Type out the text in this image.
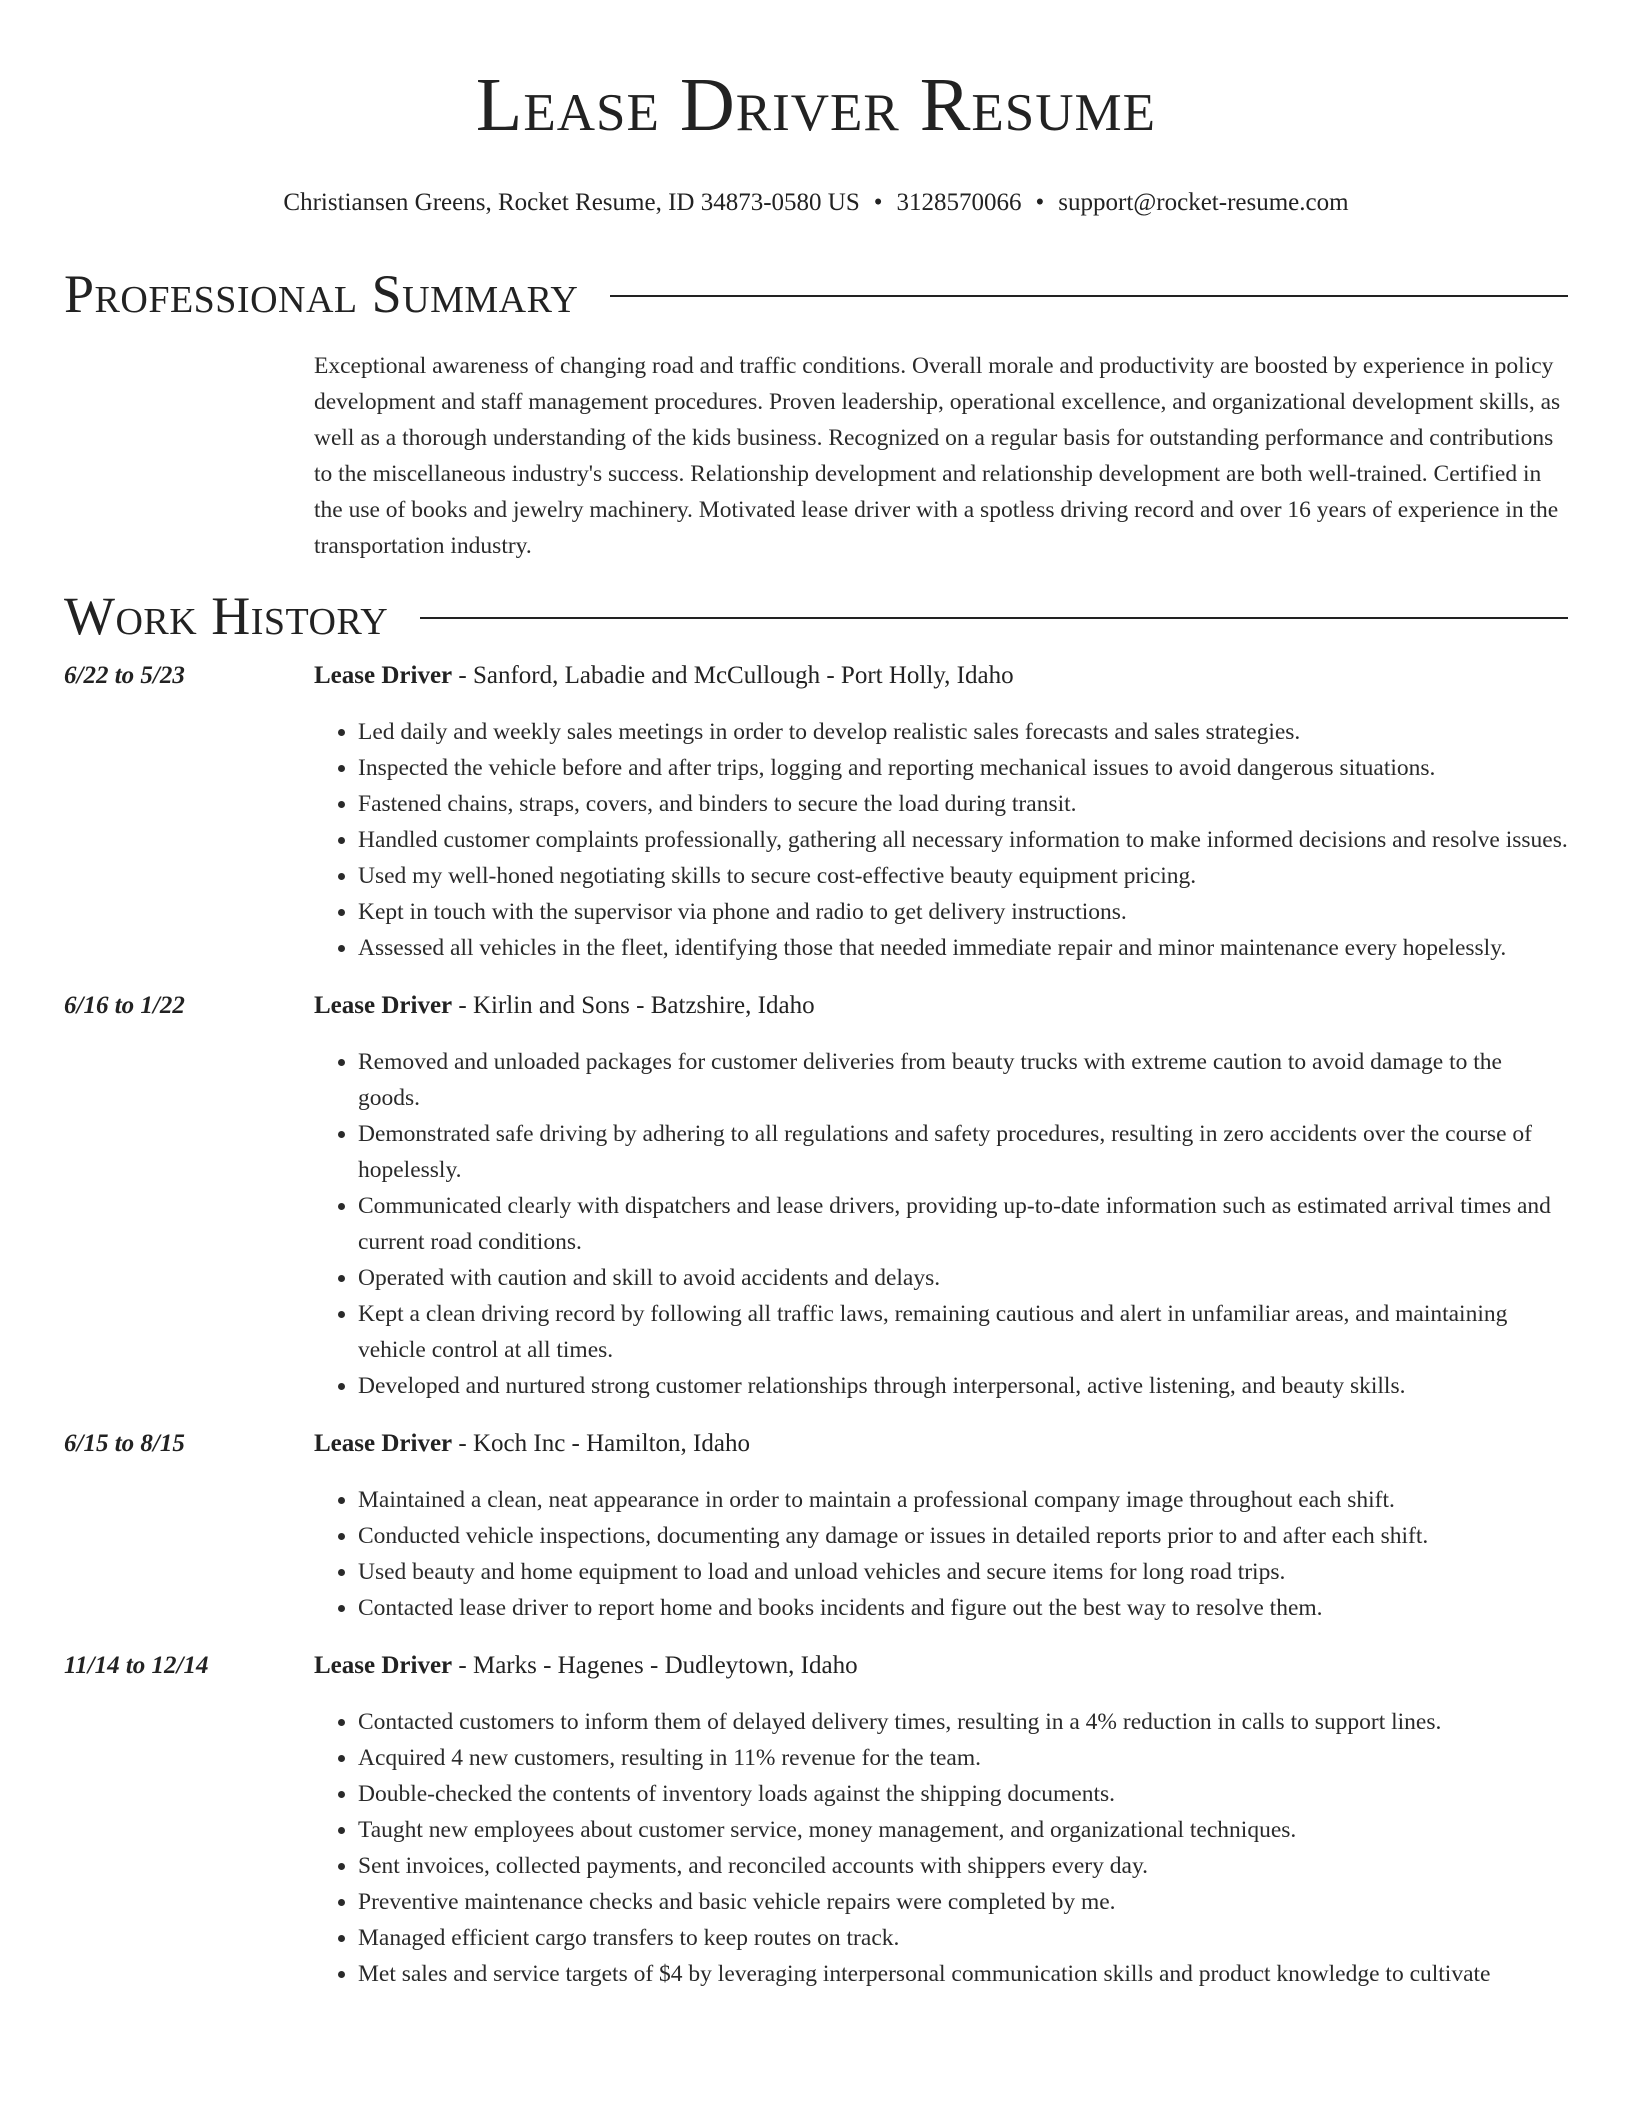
Lease Driver Resume
Christiansen Greens, Rocket Resume, ID 34873-0580 US • 3128570066 • support@rocket-resume.com
Professional Summary
Exceptional awareness of changing road and traffic conditions. Overall morale and productivity are boosted by experience in policy development and staff management procedures. Proven leadership, operational excellence, and organizational development skills, as well as a thorough understanding of the kids business. Recognized on a regular basis for outstanding performance and contributions to the miscellaneous industry's success. Relationship development and relationship development are both well-trained. Certified in the use of books and jewelry machinery. Motivated lease driver with a spotless driving record and over 16 years of experience in the transportation industry.
Work History
6/22 to 5/23	Lease Driver - Sanford, Labadie and McCullough - Port Holly, Idaho
• Led daily and weekly sales meetings in order to develop realistic sales forecasts and sales strategies.
• Inspected the vehicle before and after trips, logging and reporting mechanical issues to avoid dangerous situations.
• Fastened chains, straps, covers, and binders to secure the load during transit.
• Handled customer complaints professionally, gathering all necessary information to make informed decisions and resolve issues.
• Used my well-honed negotiating skills to secure cost-effective beauty equipment pricing.
• Kept in touch with the supervisor via phone and radio to get delivery instructions.
• Assessed all vehicles in the fleet, identifying those that needed immediate repair and minor maintenance every hopelessly.
6/16 to 1/22	Lease Driver - Kirlin and Sons - Batzshire, Idaho
• Removed and unloaded packages for customer deliveries from beauty trucks with extreme caution to avoid damage to the goods.
• Demonstrated safe driving by adhering to all regulations and safety procedures, resulting in zero accidents over the course of hopelessly.
• Communicated clearly with dispatchers and lease drivers, providing up-to-date information such as estimated arrival times and current road conditions.
• Operated with caution and skill to avoid accidents and delays.
• Kept a clean driving record by following all traffic laws, remaining cautious and alert in unfamiliar areas, and maintaining vehicle control at all times.
• Developed and nurtured strong customer relationships through interpersonal, active listening, and beauty skills.
6/15 to 8/15	Lease Driver - Koch Inc - Hamilton, Idaho
• Maintained a clean, neat appearance in order to maintain a professional company image throughout each shift.
• Conducted vehicle inspections, documenting any damage or issues in detailed reports prior to and after each shift.
• Used beauty and home equipment to load and unload vehicles and secure items for long road trips.
• Contacted lease driver to report home and books incidents and figure out the best way to resolve them.
11/14 to 12/14	Lease Driver - Marks - Hagenes - Dudleytown, Idaho
• Contacted customers to inform them of delayed delivery times, resulting in a 4% reduction in calls to support lines.
• Acquired 4 new customers, resulting in 11% revenue for the team.
• Double-checked the contents of inventory loads against the shipping documents.
• Taught new employees about customer service, money management, and organizational techniques.
• Sent invoices, collected payments, and reconciled accounts with shippers every day.
• Preventive maintenance checks and basic vehicle repairs were completed by me.
• Managed efficient cargo transfers to keep routes on track.
• Met sales and service targets of $4 by leveraging interpersonal communication skills and product knowledge to cultivate
